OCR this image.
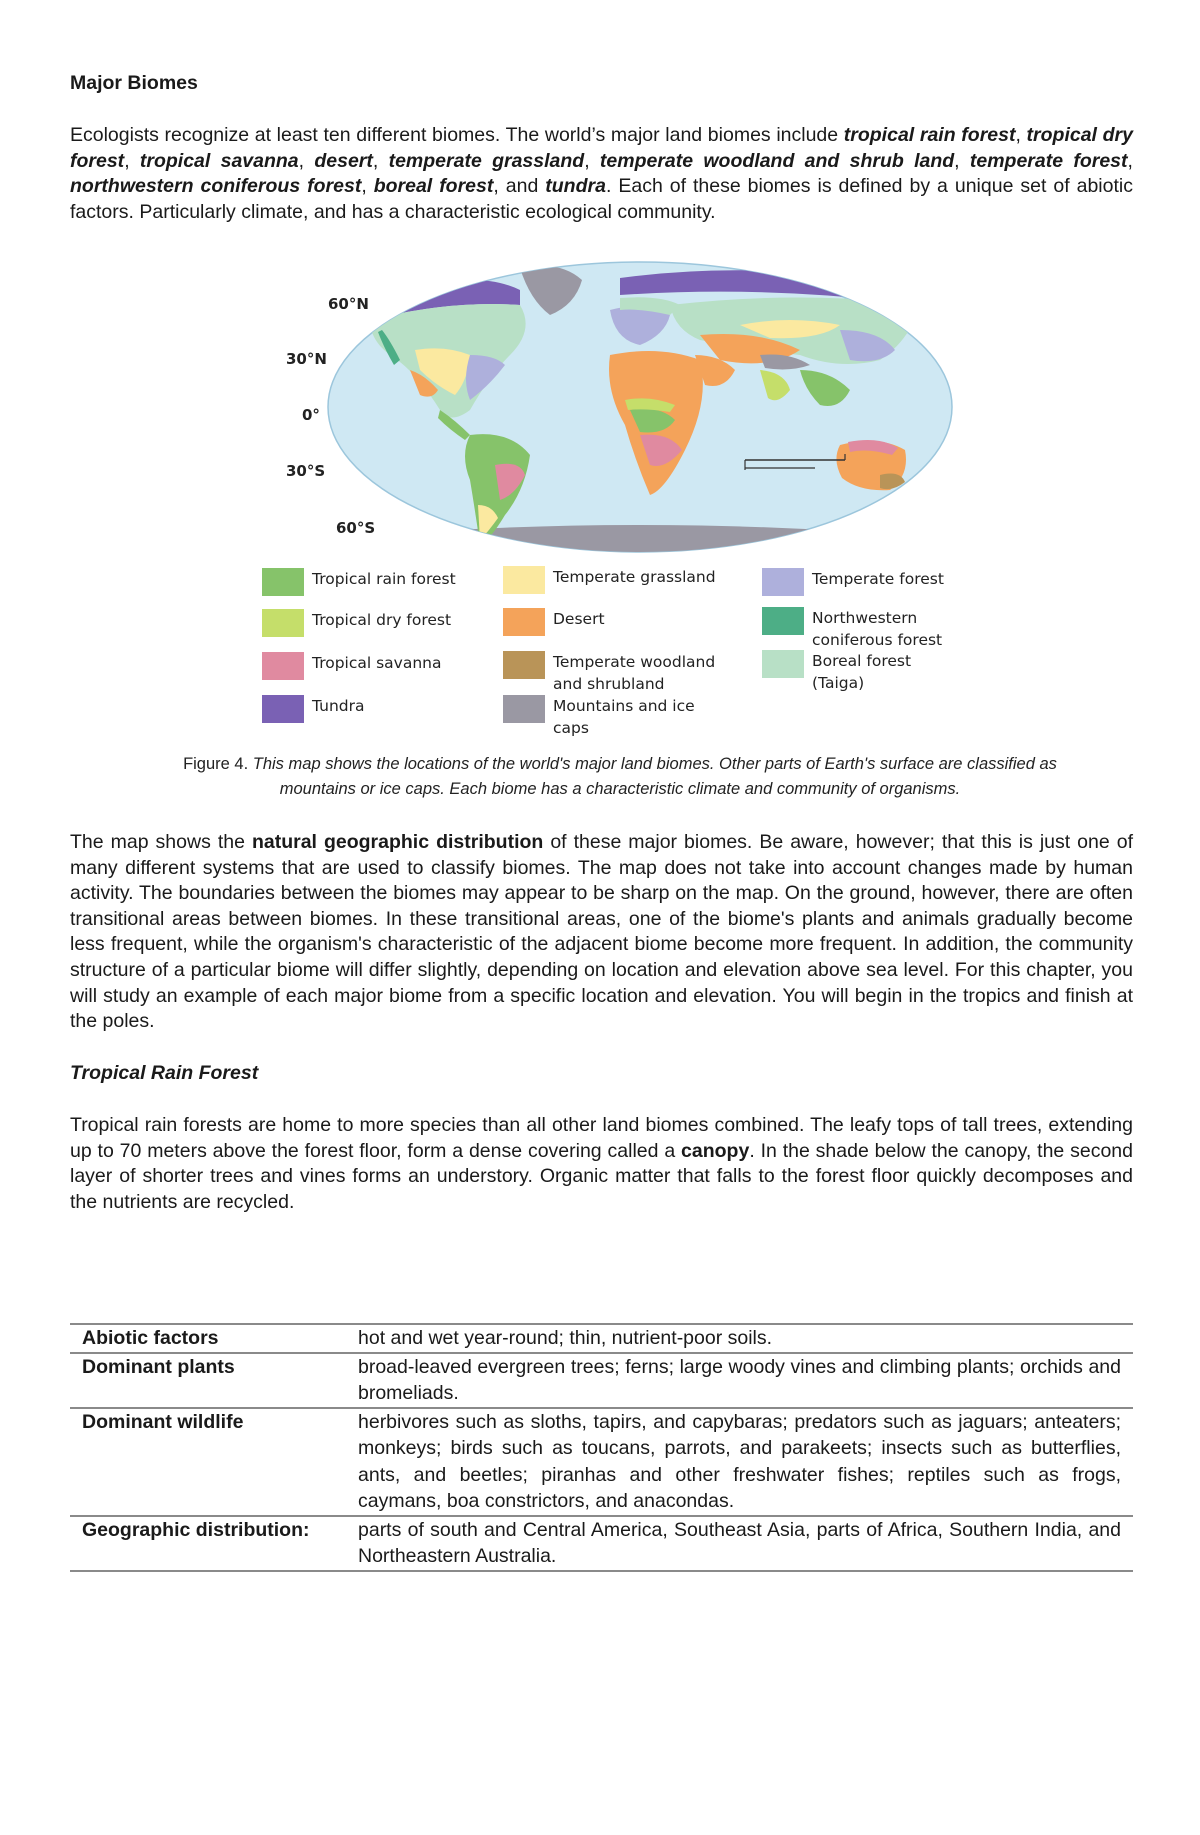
Major Biomes
Ecologists recognize at least ten different biomes. The world’s major land biomes include tropical rain forest, tropical dry forest, tropical savanna, desert, temperate grassland, temperate woodland and shrub land, temperate forest, northwestern coniferous forest, boreal forest, and tundra. Each of these biomes is defined by a unique set of abiotic factors. Particularly climate, and has a characteristic ecological community.
60°N
30°N
0°
30°S
60°S
Tropical rain forest
Tropical dry forest
Tropical savanna
Tundra
Temperate grassland
Desert
Temperate woodland and shrubland
Mountains and ice caps
Temperate forest
Northwestern coniferous forest
Boreal forest (Taiga)
Figure 4. This map shows the locations of the world's major land biomes. Other parts of Earth's surface are classified as mountains or ice caps. Each biome has a characteristic climate and community of organisms.
The map shows the natural geographic distribution of these major biomes. Be aware, however; that this is just one of many different systems that are used to classify biomes. The map does not take into account changes made by human activity. The boundaries between the biomes may appear to be sharp on the map. On the ground, however, there are often transitional areas between biomes. In these transitional areas, one of the biome's plants and animals gradually become less frequent, while the organism's characteristic of the adjacent biome become more frequent. In addition, the community structure of a particular biome will differ slightly, depending on location and elevation above sea level. For this chapter, you will study an example of each major biome from a specific location and elevation. You will begin in the tropics and finish at the poles.
Tropical Rain Forest
Tropical rain forests are home to more species than all other land biomes combined. The leafy tops of tall trees, extending up to 70 meters above the forest floor, form a dense covering called a canopy. In the shade below the canopy, the second layer of shorter trees and vines forms an understory. Organic matter that falls to the forest floor quickly decomposes and the nutrients are recycled.
Abiotic factors	hot and wet year-round; thin, nutrient-poor soils.
Dominant plants	broad-leaved evergreen trees; ferns; large woody vines and climbing plants; orchids and bromeliads.
Dominant wildlife	herbivores such as sloths, tapirs, and capybaras; predators such as jaguars; anteaters; monkeys; birds such as toucans, parrots, and parakeets; insects such as butterflies, ants, and beetles; piranhas and other freshwater fishes; reptiles such as frogs, caymans, boa constrictors, and anacondas.
Geographic distribution:	parts of south and Central America, Southeast Asia, parts of Africa, Southern India, and Northeastern Australia.
